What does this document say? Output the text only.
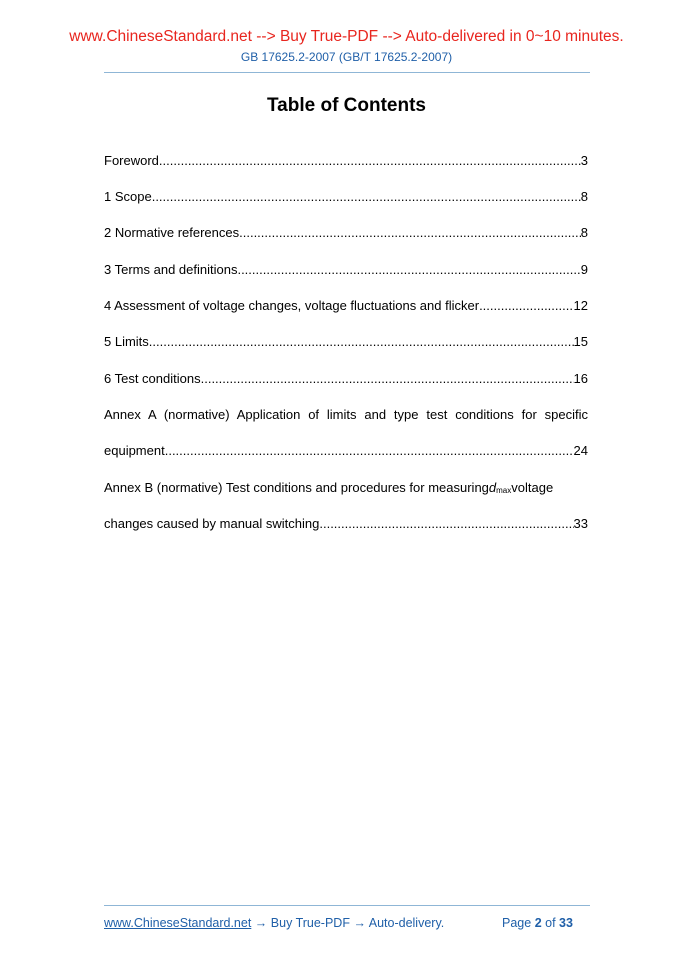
www.ChineseStandard.net --> Buy True-PDF --> Auto-delivered in 0~10 minutes.
GB 17625.2-2007 (GB/T 17625.2-2007)
Table of Contents
Foreword .....	3
1 Scope .....	8
2 Normative references .....	8
3 Terms and definitions .....	9
4 Assessment of voltage changes, voltage fluctuations and flicker .....	12
5 Limits .....	15
6 Test conditions .....	16
Annex A (normative) Application of limits and type test conditions for specific
equipment .....	24
Annex B (normative) Test conditions and procedures for measuring $d_{max}$ voltage
changes caused by manual switching .....	33
www.ChineseStandard.net → Buy True-PDF → Auto-delivery.	Page 2 of 33
